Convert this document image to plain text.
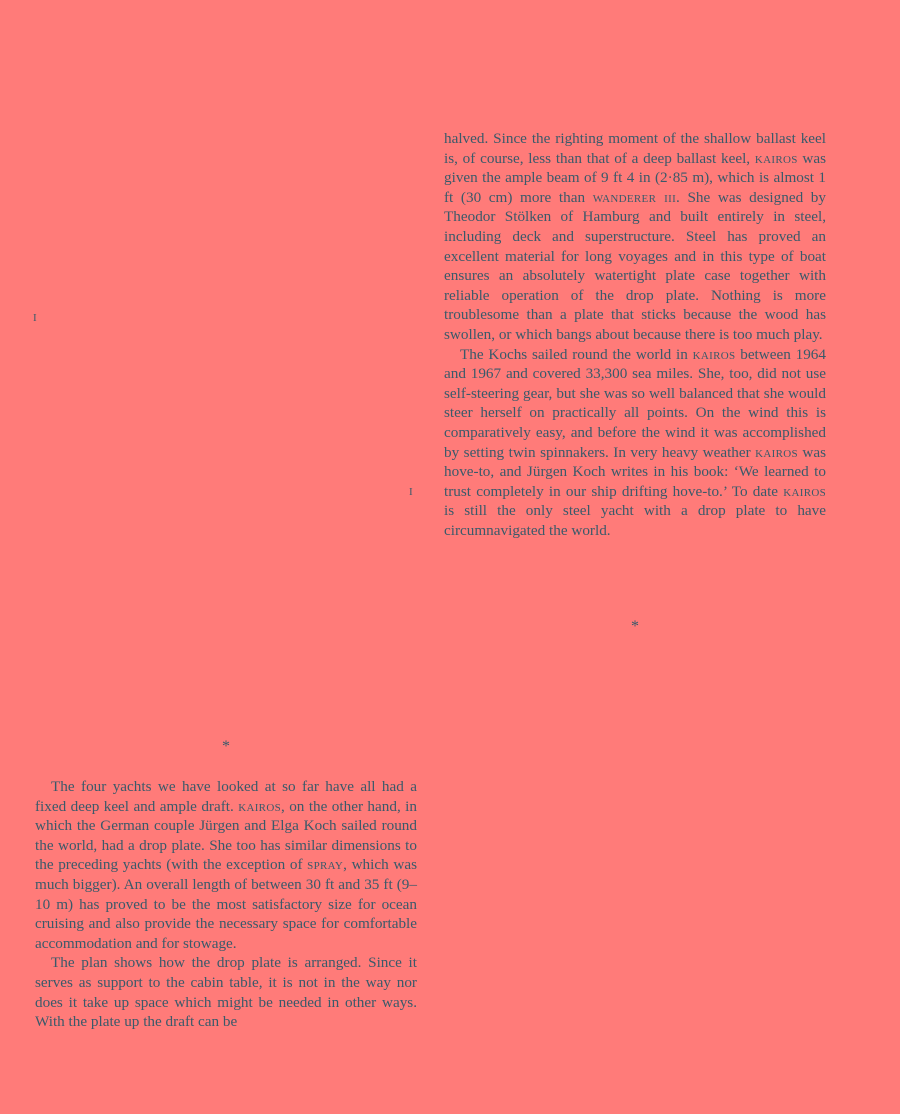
I
I

halved. Since the righting moment of the shallow ballast keel is, of course, less than that of a deep ballast keel, kairos was given the ample beam of 9 ft 4 in (2·85 m), which is almost 1 ft (30 cm) more than wanderer iii. She was designed by Theodor Stölken of Hamburg and built entirely in steel, including deck and superstructure. Steel has proved an excellent material for long voyages and in this type of boat ensures an absolutely watertight plate case together with reliable operation of the drop plate. Nothing is more troublesome than a plate that sticks because the wood has swollen, or which bangs about because there is too much play.

The Kochs sailed round the world in kairos between 1964 and 1967 and covered 33,300 sea miles. She, too, did not use self-steering gear, but she was so well balanced that she would steer herself on practically all points. On the wind this is comparatively easy, and before the wind it was accomplished by setting twin spinnakers. In very heavy weather kairos was hove-to, and Jürgen Koch writes in his book: ‘We learned to trust completely in our ship drifting hove-to.’ To date kairos is still the only steel yacht with a drop plate to have circumnavigated the world.

*
*

The four yachts we have looked at so far have all had a fixed deep keel and ample draft. kairos, on the other hand, in which the German couple Jürgen and Elga Koch sailed round the world, had a drop plate. She too has similar dimensions to the preceding yachts (with the exception of spray, which was much bigger). An overall length of between 30 ft and 35 ft (9–10 m) has proved to be the most satisfactory size for ocean cruising and also provide the necessary space for comfortable accommodation and for stowage.

The plan shows how the drop plate is arranged. Since it serves as support to the cabin table, it is not in the way nor does it take up space which might be needed in other ways. With the plate up the draft can be
